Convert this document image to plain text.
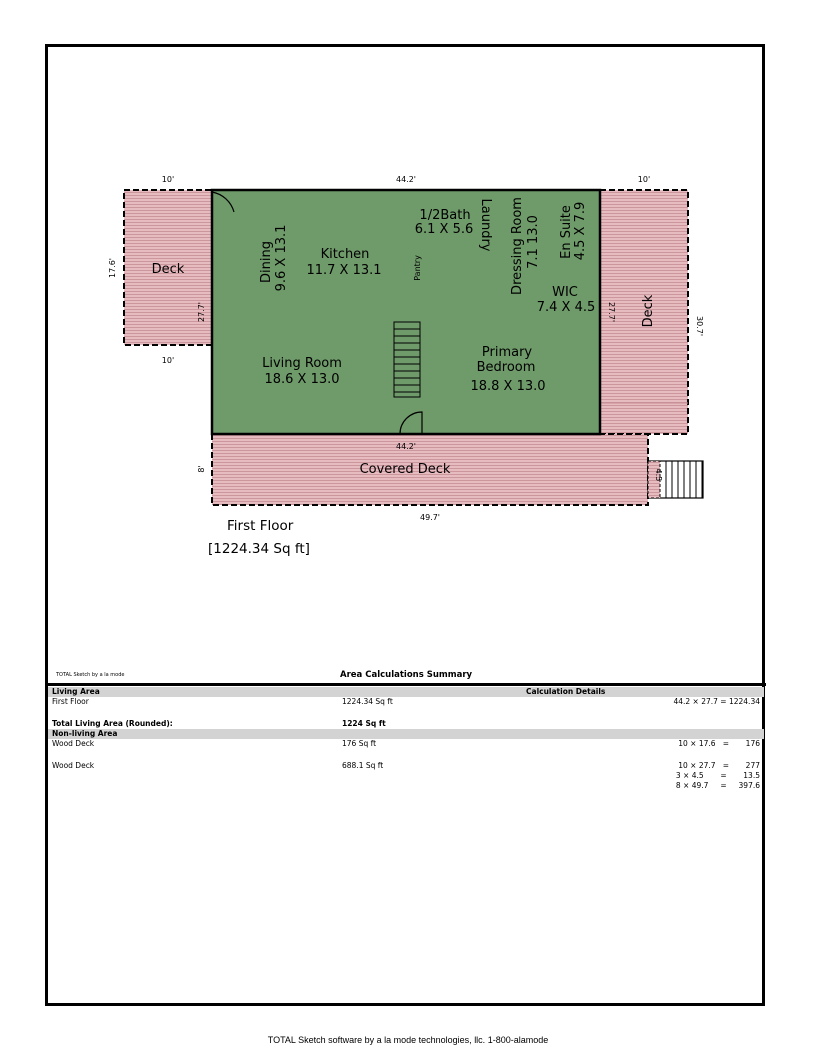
10'	44.2'	10'
17.6'
27.7'
10'
27.7'
30.7'
44.2'
8'
49.7'
4.5
Deck
Deck
Dining 9.6 X 13.1 Kitchen
11.7 X 13.1
1/2Bath
6.1 X 5.6 Laundry
Pantry	Dressing Room 7.1 13.0 En Suite 4.5 X 7.9
WIC
7.4 X 4.5
Living Room
18.6 X 13.0
Primary
Bedroom
18.8 X 13.0
Covered Deck
First Floor
[1224.34 Sq ft]
TOTAL Sketch by a la mode	Area Calculations Summary
Living Area	Calculation Details
First Floor	1224.34 Sq ft	44.2 × 27.7 = 1224.34
Total Living Area (Rounded):	1224 Sq ft
Non-living Area
Wood Deck	176 Sq ft	10 × 17.6   =       176
Wood Deck	688.1 Sq ft	10 × 27.7   =       277
3 × 4.5       =       13.5
8 × 49.7     =     397.6
TOTAL Sketch software by a la mode technologies, llc. 1-800-alamode
